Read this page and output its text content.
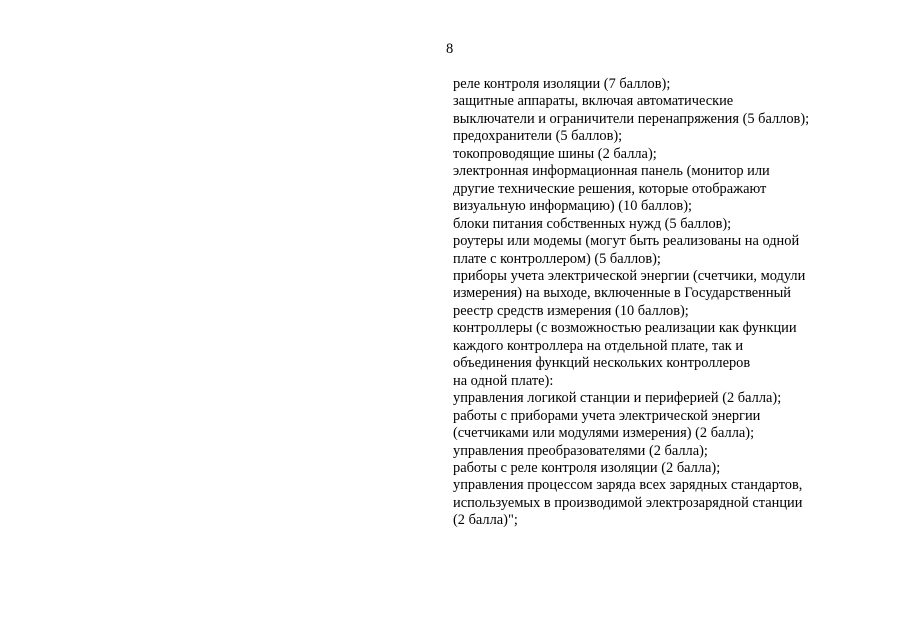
8
реле контроля изоляции (7 баллов);
защитные аппараты, включая автоматические
выключатели и ограничители перенапряжения (5 баллов);
предохранители (5 баллов);
токопроводящие шины (2 балла);
электронная информационная панель (монитор или
другие технические решения, которые отображают
визуальную информацию) (10 баллов);
блоки питания собственных нужд (5 баллов);
роутеры или модемы (могут быть реализованы на одной
плате с контроллером) (5 баллов);
приборы учета электрической энергии (счетчики, модули
измерения) на выходе, включенные в Государственный
реестр средств измерения (10 баллов);
контроллеры (с возможностью реализации как функции
каждого контроллера на отдельной плате, так и
объединения функций нескольких контроллеров
на одной плате):
управления логикой станции и периферией (2 балла);
работы с приборами учета электрической энергии
(счетчиками или модулями измерения) (2 балла);
управления преобразователями (2 балла);
работы с реле контроля изоляции (2 балла);
управления процессом заряда всех зарядных стандартов,
используемых в производимой электрозарядной станции
(2 балла)";
